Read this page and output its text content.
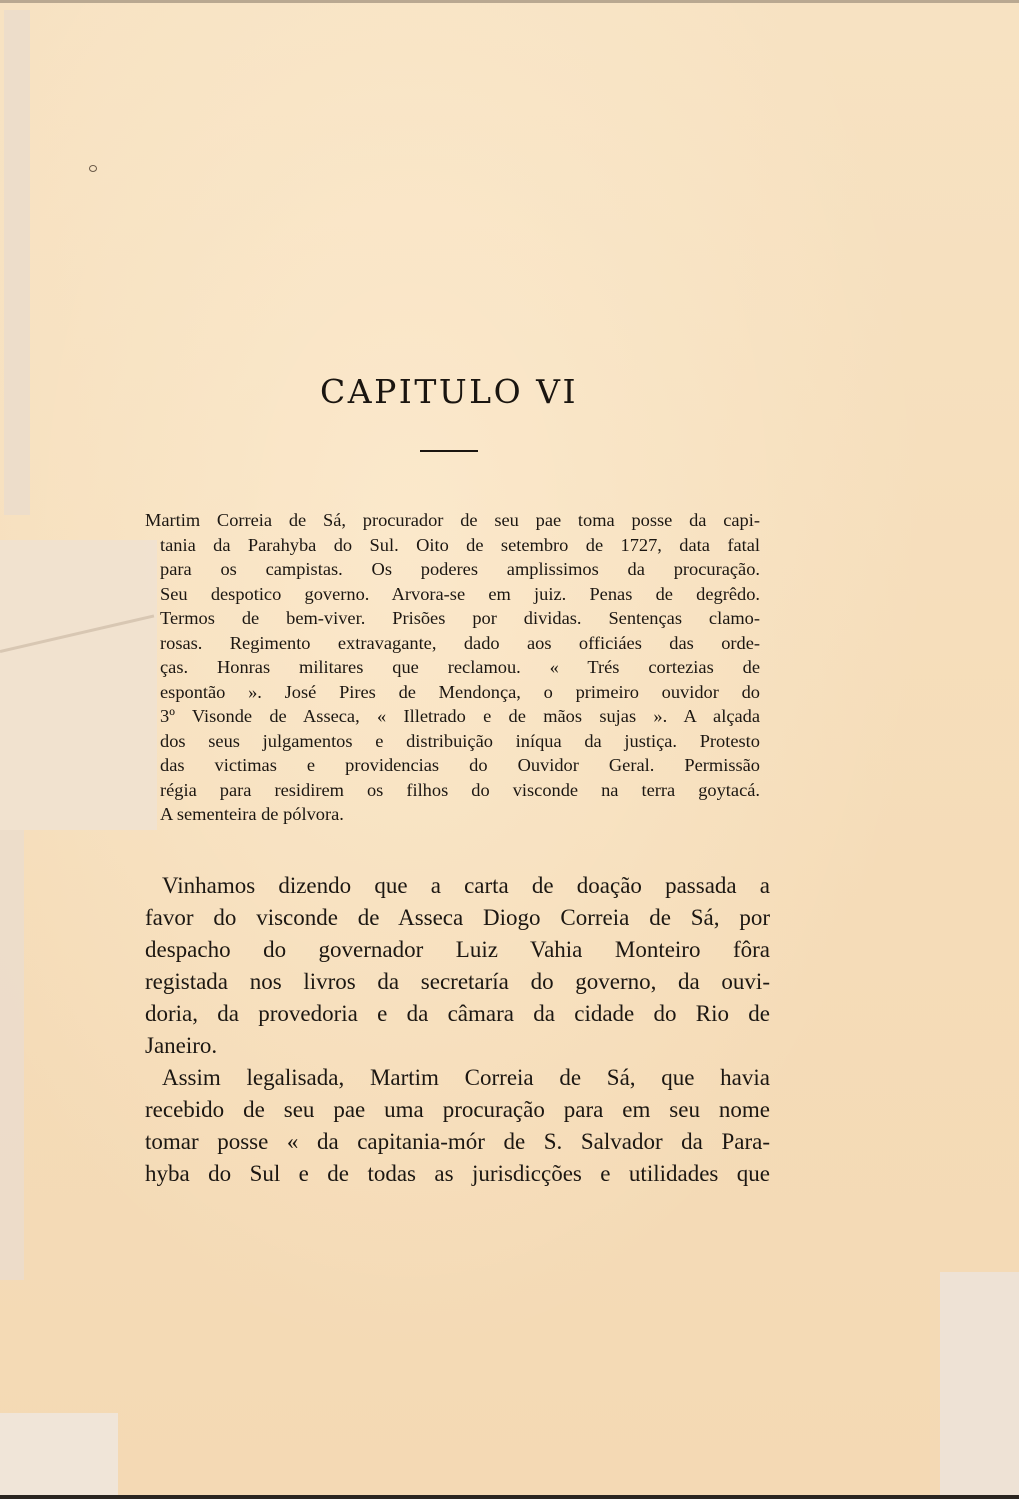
CAPITULO VI
Martim Correia de Sá, procurador de seu pae toma posse da capi-
tania da Parahyba do Sul. Oito de setembro de 1727, data fatal
para os campistas. Os poderes amplissimos da procuração.
Seu despotico governo. Arvora-se em juiz. Penas de degrêdo.
Termos de bem-viver. Prisões por dividas. Sentenças clamo-
rosas. Regimento extravagante, dado aos officiáes das orde-
ças. Honras militares que reclamou. « Trés cortezias de
espontão ». José Pires de Mendonça, o primeiro ouvidor do
3º Visonde de Asseca, « Illetrado e de mãos sujas ». A alçada
dos seus julgamentos e distribuição iníqua da justiça. Protesto
das victimas e providencias do Ouvidor Geral. Permissão
régia para residirem os filhos do visconde na terra goytacá.
A sementeira de pólvora.
Vinhamos dizendo que a carta de doação passada a
favor do visconde de Asseca Diogo Correia de Sá, por
despacho do governador Luiz Vahia Monteiro fôra
registada nos livros da secretaría do governo, da ouvi-
doria, da provedoria e da câmara da cidade do Rio de
Janeiro.
Assim legalisada, Martim Correia de Sá, que havia
recebido de seu pae uma procuração para em seu nome
tomar posse « da capitania-mór de S. Salvador da Para-
hyba do Sul e de todas as jurisdicções e utilidades que
